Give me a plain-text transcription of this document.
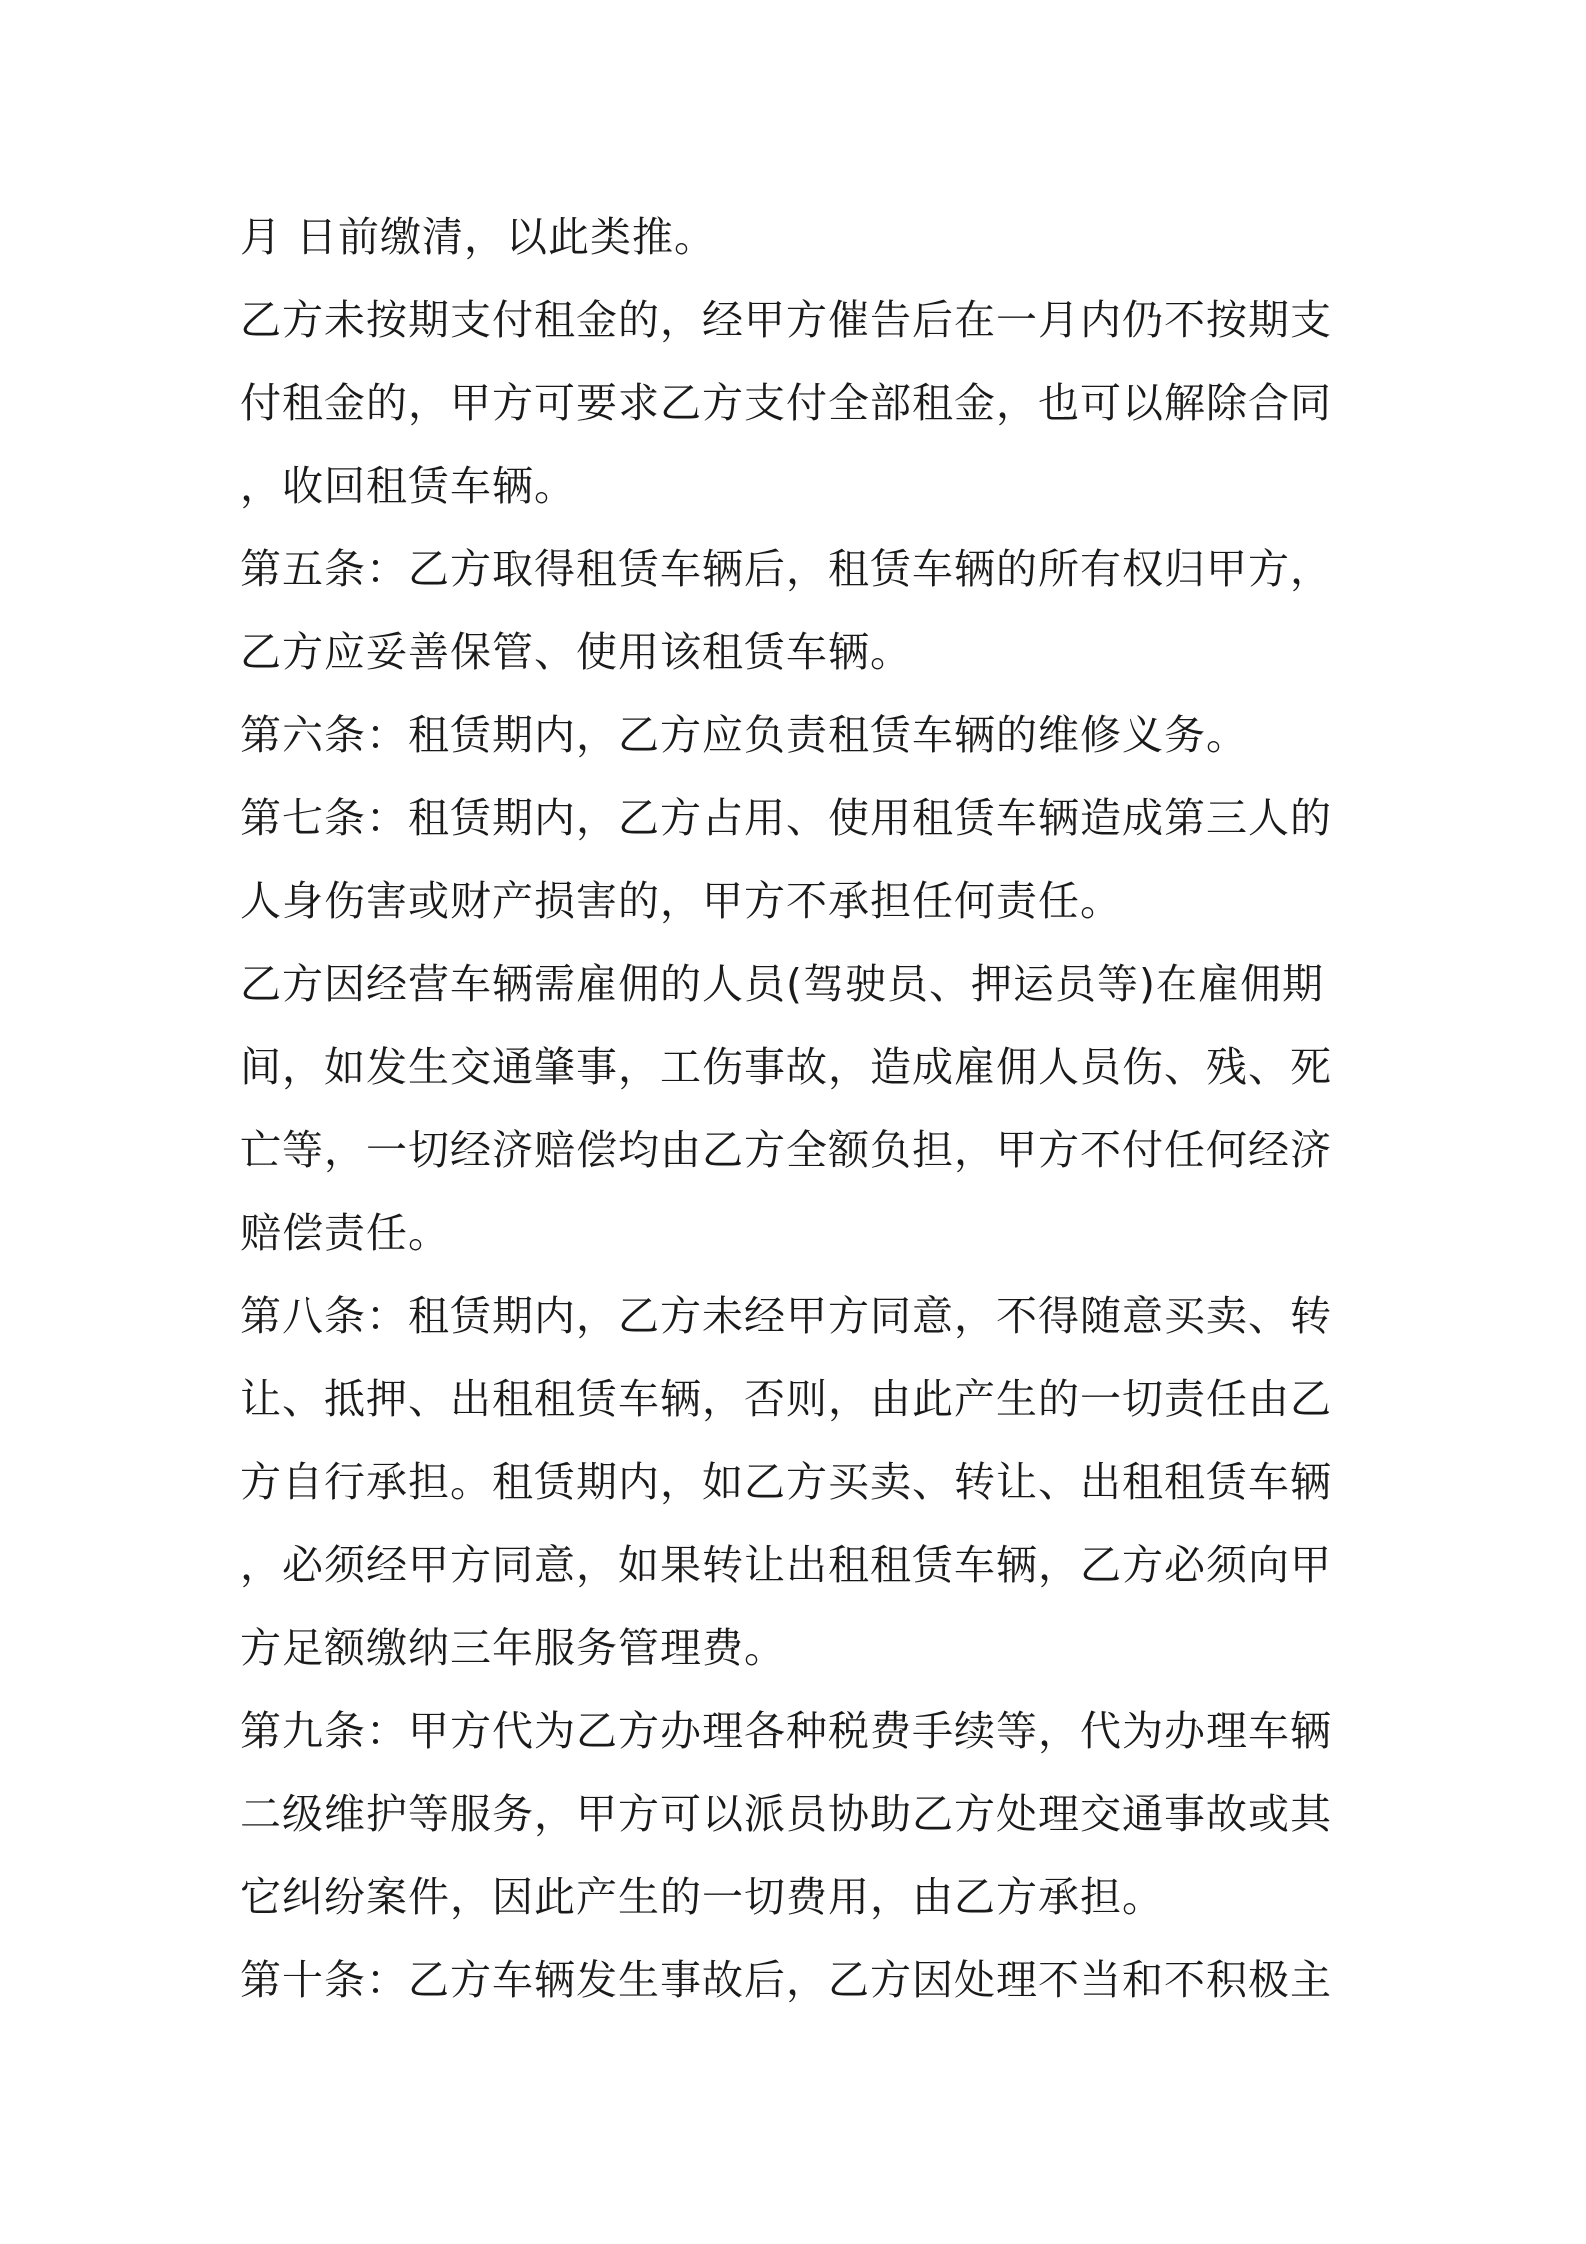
月 日前缴清，以此类推。
乙方未按期支付租金的，经甲方催告后在一月内仍不按期支
付租金的，甲方可要求乙方支付全部租金，也可以解除合同
，收回租赁车辆。
第五条：乙方取得租赁车辆后，租赁车辆的所有权归甲方，
乙方应妥善保管、使用该租赁车辆。
第六条：租赁期内，乙方应负责租赁车辆的维修义务。
第七条：租赁期内，乙方占用、使用租赁车辆造成第三人的
人身伤害或财产损害的，甲方不承担任何责任。
乙方因经营车辆需雇佣的人员(驾驶员、押运员等)在雇佣期
间，如发生交通肇事，工伤事故，造成雇佣人员伤、残、死
亡等，一切经济赔偿均由乙方全额负担，甲方不付任何经济
赔偿责任。
第八条：租赁期内，乙方未经甲方同意，不得随意买卖、转
让、抵押、出租租赁车辆，否则，由此产生的一切责任由乙
方自行承担。租赁期内，如乙方买卖、转让、出租租赁车辆
，必须经甲方同意，如果转让出租租赁车辆，乙方必须向甲
方足额缴纳三年服务管理费。
第九条：甲方代为乙方办理各种税费手续等，代为办理车辆
二级维护等服务，甲方可以派员协助乙方处理交通事故或其
它纠纷案件，因此产生的一切费用，由乙方承担。
第十条：乙方车辆发生事故后，乙方因处理不当和不积极主
